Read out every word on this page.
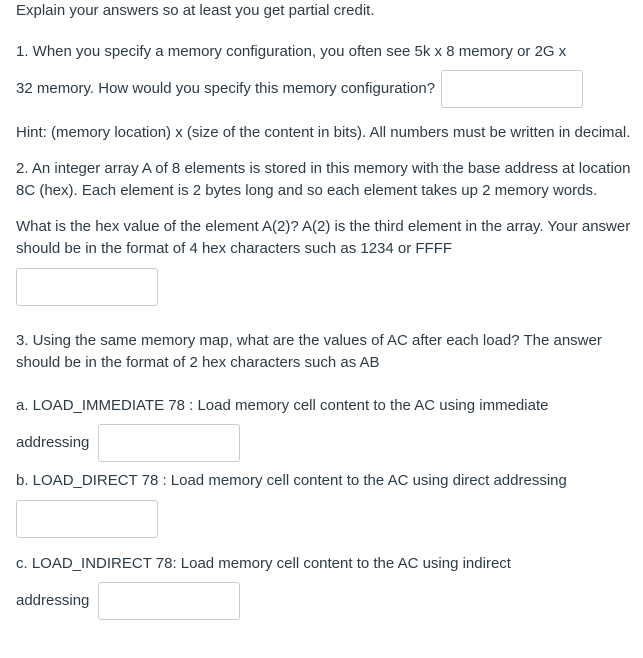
Explain your answers so at least you get partial credit.

1. When you specify a memory configuration, you often see 5k x 8 memory or 2G x
32 memory. How would you specify this memory configuration?

Hint: (memory location) x (size of the content in bits). All numbers must be written in decimal.

2. An integer array A of 8 elements is stored in this memory with the base address at location 8C (hex). Each element is 2 bytes long and so each element takes up 2 memory words.

What is the hex value of the element A(2)? A(2) is the third element in the array. Your answer should be in the format of 4 hex characters such as 1234 or FFFF

3. Using the same memory map, what are the values of AC after each load? The answer should be in the format of 2 hex characters such as AB

a. LOAD_IMMEDIATE 78 : Load memory cell content to the AC using immediate
addressing

b. LOAD_DIRECT 78 : Load memory cell content to the AC using direct addressing

c. LOAD_INDIRECT 78: Load memory cell content to the AC using indirect
addressing
